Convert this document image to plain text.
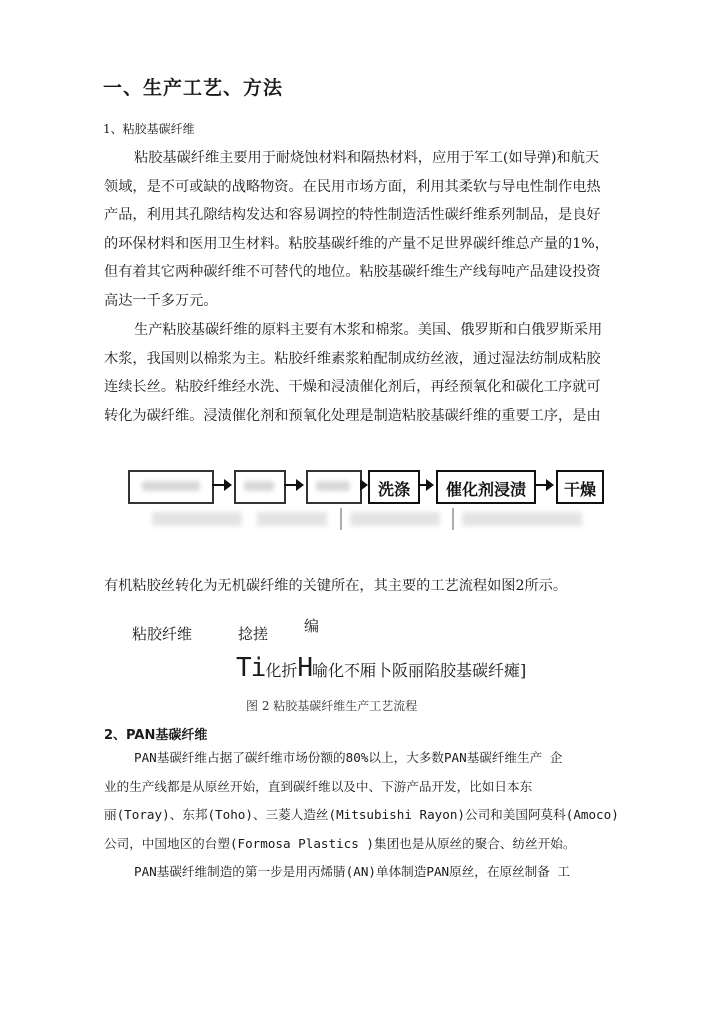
一、生产工艺、方法
1、粘胶基碳纤维
粘胶基碳纤维主要用于耐烧蚀材料和隔热材料，应用于军工(如导弹)和航天
领域，是不可或缺的战略物资。在民用市场方面，利用其柔软与导电性制作电热
产品，利用其孔隙结构发达和容易调控的特性制造活性碳纤维系列制品，是良好
的环保材料和医用卫生材料。粘胶基碳纤维的产量不足世界碳纤维总产量的1%，
但有着其它两种碳纤维不可替代的地位。粘胶基碳纤维生产线每吨产品建设投资
高达一千多万元。
生产粘胶基碳纤维的原料主要有木浆和棉浆。美国、俄罗斯和白俄罗斯采用
木浆，我国则以棉浆为主。粘胶纤维素浆粕配制成纺丝液，通过湿法纺制成粘胶
连续长丝。粘胶纤维经水洗、干燥和浸渍催化剂后，再经预氧化和碳化工序就可
转化为碳纤维。浸渍催化剂和预氧化处理是制造粘胶基碳纤维的重要工序，是由
洗涤	催化剂浸渍	干燥
有机粘胶丝转化为无机碳纤维的关键所在，其主要的工艺流程如图2所示。
粘胶纤维	捻搓 编
Ti化折H喻化不厢卜阪丽陷胶基碳纤瘫]
图 2 粘胶基碳纤维生产工艺流程
2、PAN基碳纤维
PAN基碳纤维占据了碳纤维市场份额的80%以上，大多数PAN基碳纤维生产 企
业的生产线都是从原丝开始，直到碳纤维以及中、下游产品开发，比如日本东
丽(Toray)、东邦(Toho)、三菱人造丝(Mitsubishi Rayon)公司和美国阿莫科(Amoco)
公司，中国地区的台塑(Formosa Plastics )集团也是从原丝的聚合、纺丝开始。
PAN基碳纤维制造的第一步是用丙烯腈(AN)单体制造PAN原丝，在原丝制备 工
